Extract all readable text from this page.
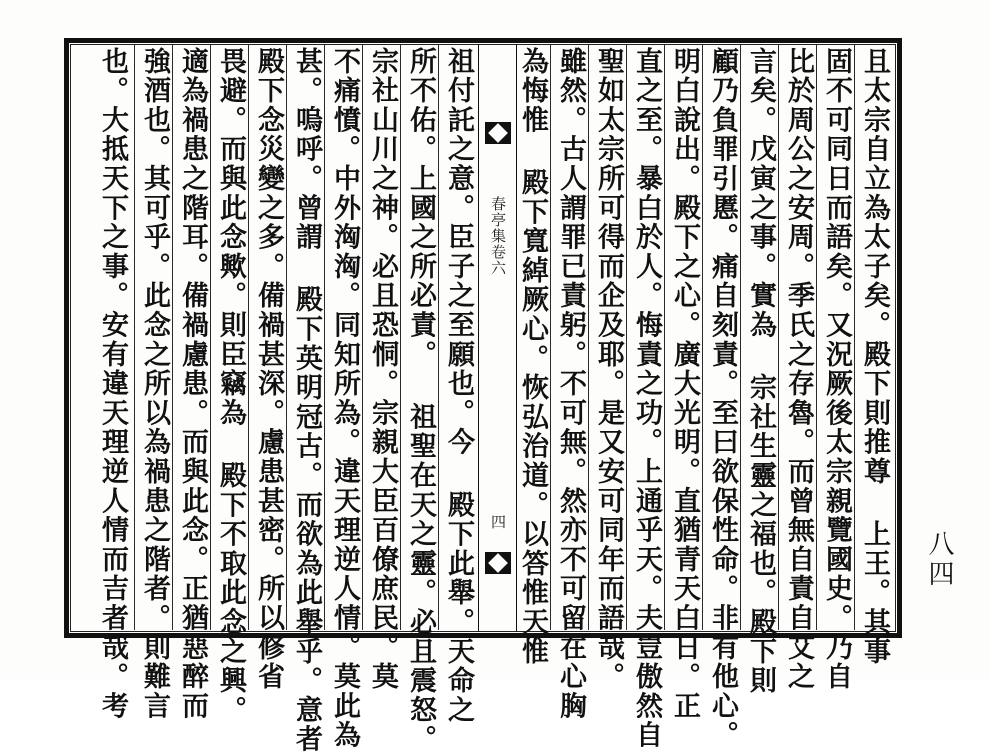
且太宗自立為太子矣。殿下則推尊 上王。其事
固不可同日而語矣。又況厥後太宗親覽國史。乃自
比於周公之安周。季氏之存魯。而曾無自責自艾之
言矣。戊寅之事。實為 宗社生靈之福也。殿下則
顧乃負罪引慝。痛自刻責。至曰欲保性命。非有他心。
明白說出。殿下之心。廣大光明。直猶青天白日。正
直之至。暴白於人。悔責之功。上通乎天。夫豈傲然自
聖如太宗所可得而企及耶。是又安可同年而語哉。
雖然。古人謂罪已責躬。不可無。然亦不可留在心胸
為悔惟 殿下寬綽厥心。恢弘治道。以答惟天惟
春亭集卷六
四
祖付託之意。臣子之至願也。今 殿下此舉。天命之
所不佑。上國之所必責。 祖聖在天之靈。必且震怒。
宗社山川之神。必且恐恫。宗親大臣百僚庶民。莫
不痛憤。中外洶洶。同知所為。違天理逆人情。莫此為
甚。嗚呼。曾謂 殿下英明冠古。而欲為此舉乎。意者
殿下念災變之多。備禍甚深。慮患甚密。所以修省
畏避。而與此念歟。則臣竊為 殿下不取此念之興。
適為禍患之階耳。備禍慮患。而與此念。正猶惡醉而
強酒也。其可乎。此念之所以為禍患之階者。則難言
也。大抵天下之事。安有違天理逆人情而吉者哉。考	八四
